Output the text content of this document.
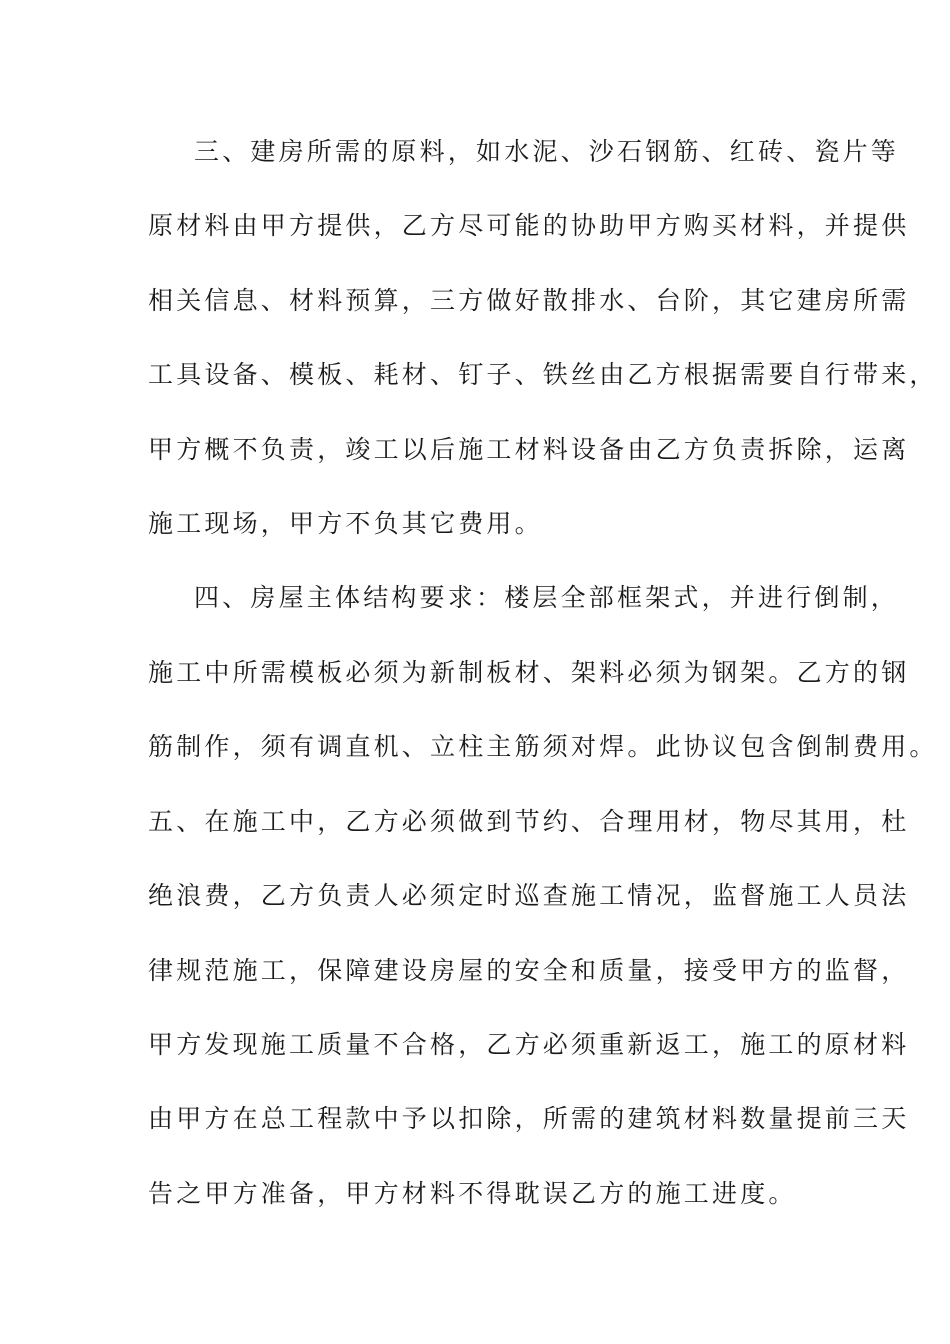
三、建房所需的原料，如水泥、沙石钢筋、红砖、瓷片等
原材料由甲方提供，乙方尽可能的协助甲方购买材料，并提供
相关信息、材料预算，三方做好散排水、台阶，其它建房所需
工具设备、模板、耗材、钉子、铁丝由乙方根据需要自行带来，
甲方概不负责，竣工以后施工材料设备由乙方负责拆除，运离
施工现场，甲方不负其它费用。
四、房屋主体结构要求：楼层全部框架式，并进行倒制，
施工中所需模板必须为新制板材、架料必须为钢架。乙方的钢
筋制作，须有调直机、立柱主筋须对焊。此协议包含倒制费用。
五、在施工中，乙方必须做到节约、合理用材，物尽其用，杜
绝浪费，乙方负责人必须定时巡查施工情况，监督施工人员法
律规范施工，保障建设房屋的安全和质量，接受甲方的监督，
甲方发现施工质量不合格，乙方必须重新返工，施工的原材料
由甲方在总工程款中予以扣除，所需的建筑材料数量提前三天
告之甲方准备，甲方材料不得耽误乙方的施工进度。
